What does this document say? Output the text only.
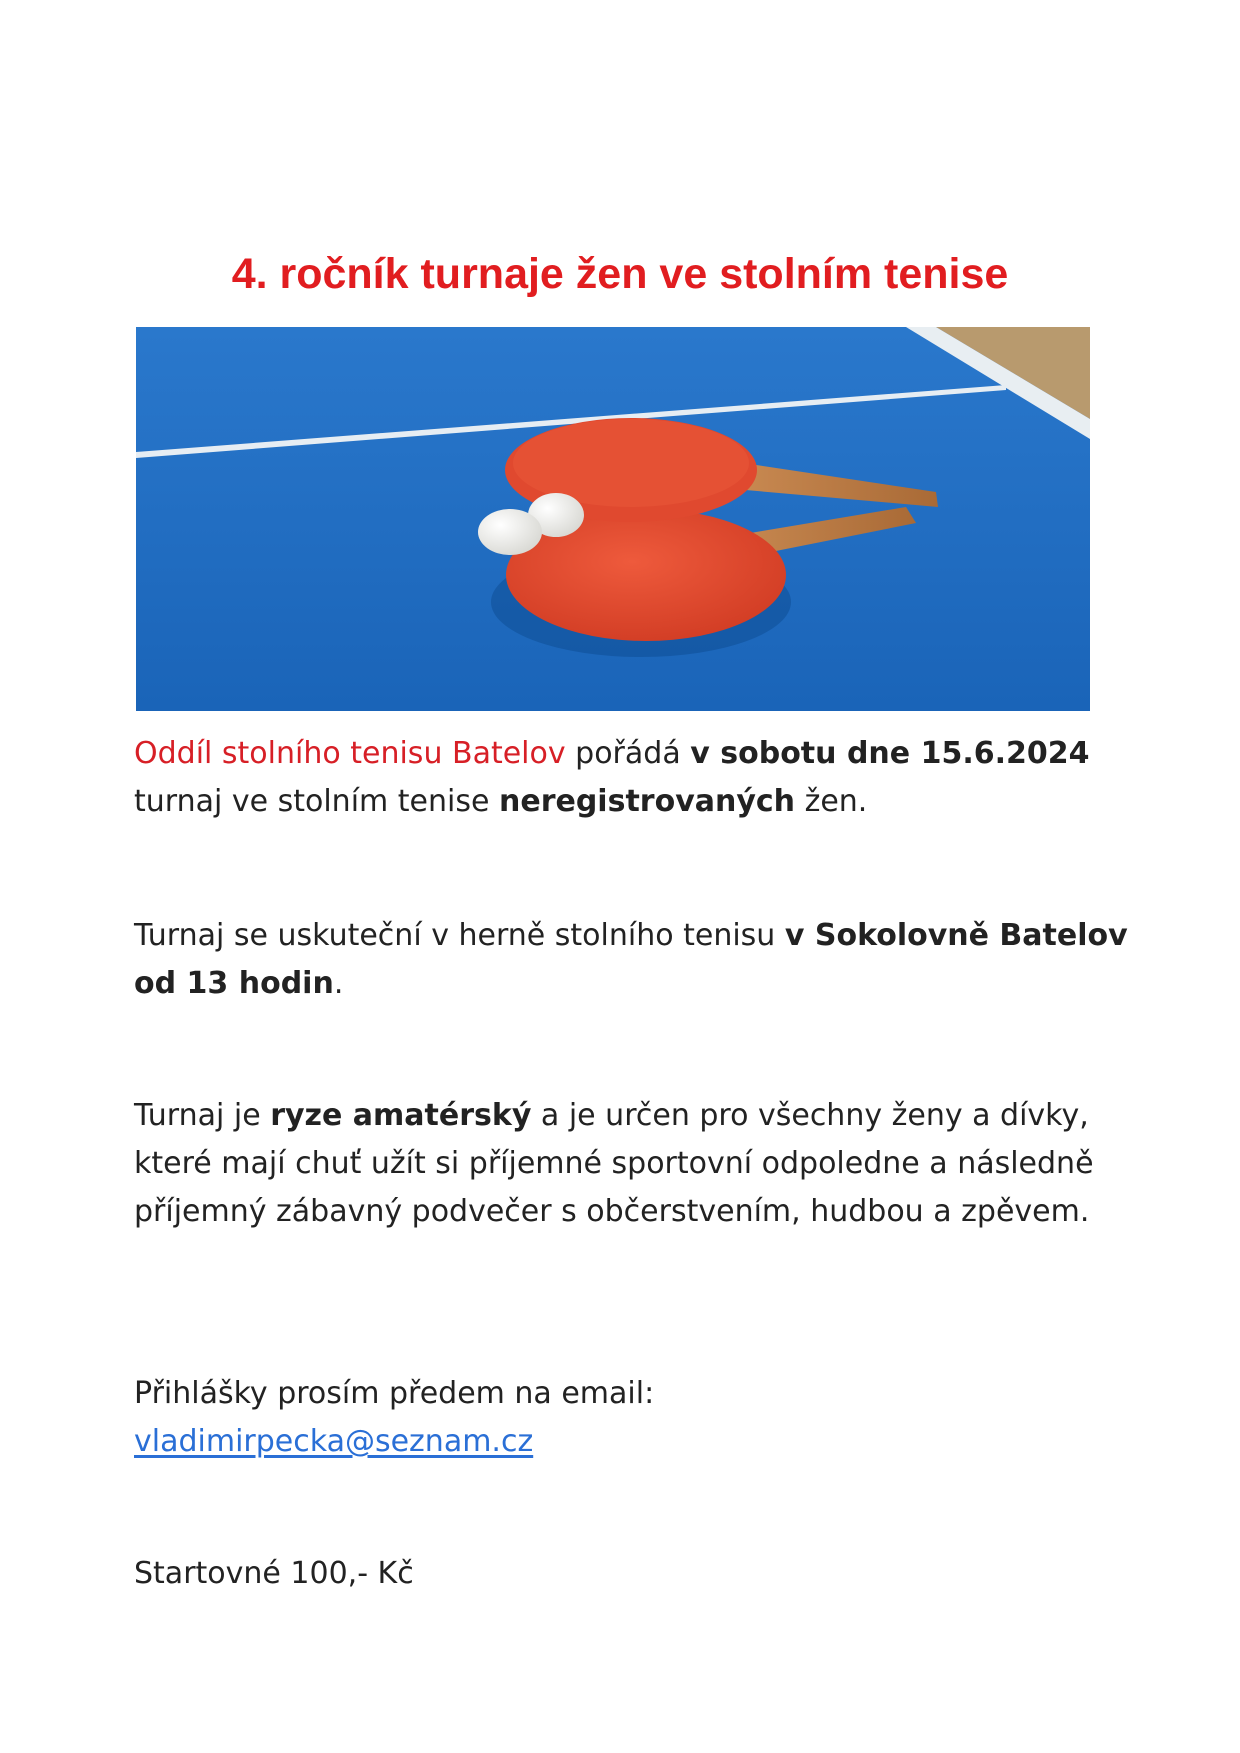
4. ročník turnaje žen ve stolním tenise

Oddíl stolního tenisu Batelov pořádá v sobotu dne 15.6.2024
turnaj ve stolním tenise neregistrovaných žen.

Turnaj se uskuteční v herně stolního tenisu v Sokolovně Batelov od 13 hodin.

Turnaj je ryze amatérský a je určen pro všechny ženy a dívky, které mají chuť užít si příjemné sportovní odpoledne a následně příjemný zábavný podvečer s občerstvením, hudbou a zpěvem.

Přihlášky prosím předem na email:
vladimirpecka@seznam.cz

Startovné 100,- Kč
